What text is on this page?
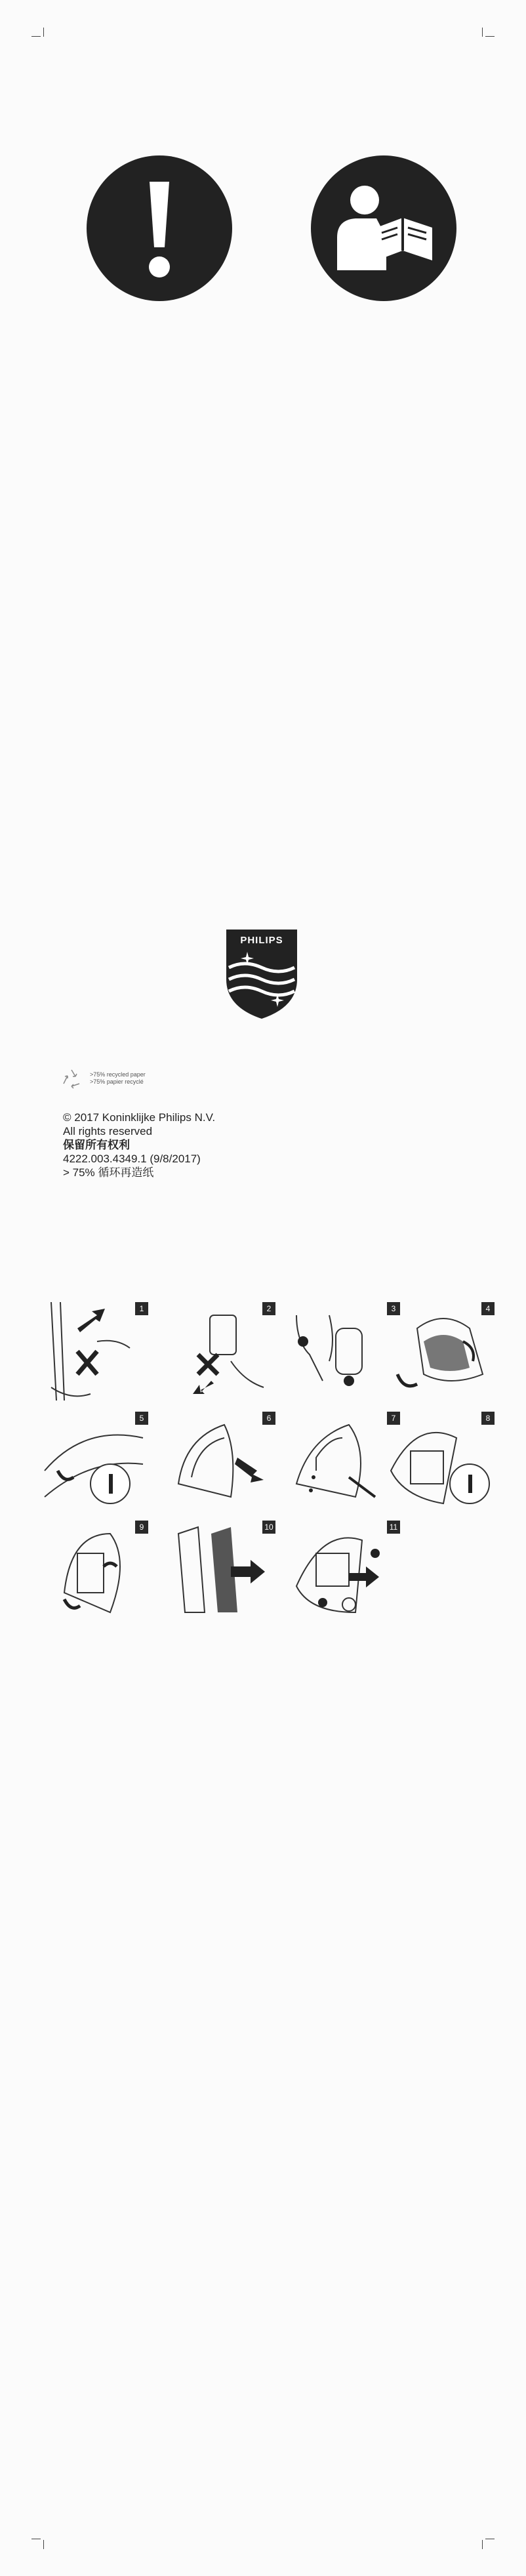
PHILIPS
>75% recycled paper
>75% papier recyclé
© 2017 Koninklijke Philips N.V.
All rights reserved
保留所有权利
4222.003.4349.1 (9/8/2017)
> 75% 循环再造纸
1	2	3	4
5	6	7	8
9	10	11
